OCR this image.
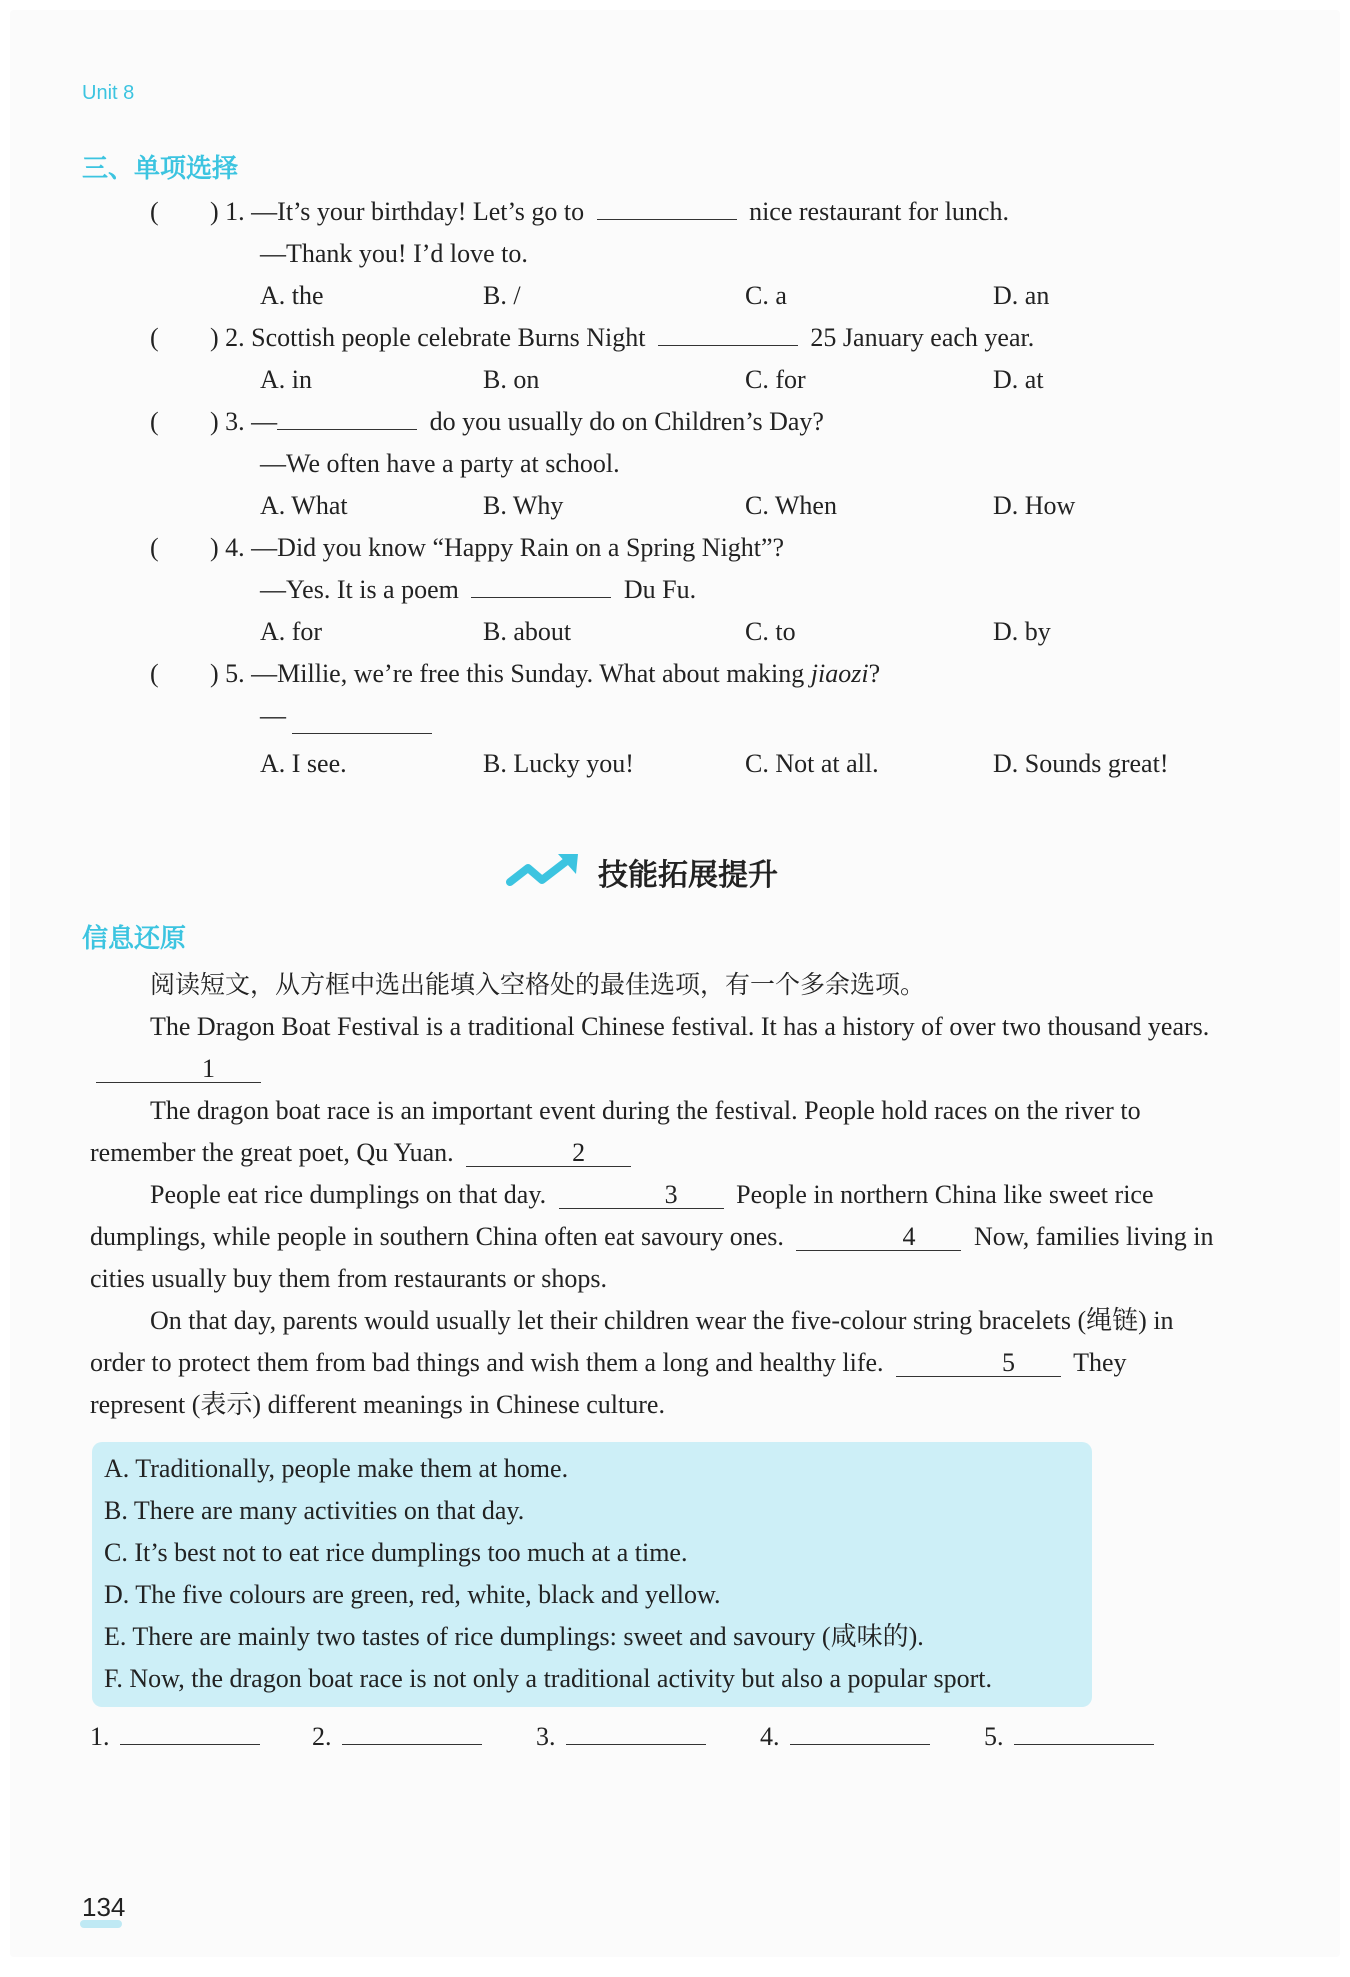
Unit 8
三、单项选择
( ) 1. —It’s your birthday! Let’s go to	nice restaurant for lunch.
—Thank you! I’d love to.
A. the	B. /	C. a	D. an
( ) 2. Scottish people celebrate Burns Night	25 January each year.
A. in	B. on	C. for	D. at
( ) 3. —	do you usually do on Children’s Day?
—We often have a party at school.
A. What	B. Why	C. When	D. How
( ) 4. —Did you know “Happy Rain on a Spring Night”?
—Yes. It is a poem	Du Fu.
A. for	B. about	C. to	D. by
( ) 5. —Millie, we’re free this Sunday. What about making jiaozi?
—
A. I see.	B. Lucky you!	C. Not at all.	D. Sounds great!
技能拓展提升
信息还原

阅读短文，从方框中选出能填入空格处的最佳选项，有一个多余选项。

The Dragon Boat Festival is a traditional Chinese festival. It has a history of over two thousand years. 1

The dragon boat race is an important event during the festival. People hold races on the river to remember the great poet, Qu Yuan.	2

People eat rice dumplings on that day.	3 People in northern China like sweet rice dumplings, while people in southern China often eat savoury ones.	4 Now, families living in cities usually buy them from restaurants or shops.

On that day, parents would usually let their children wear the five-colour string bracelets (绳链) in order to protect them from bad things and wish them a long and healthy life.	5 They represent (表示) different meanings in Chinese culture.

A. Traditionally, people make them at home.
B. There are many activities on that day.
C. It’s best not to eat rice dumplings too much at a time.
D. The five colours are green, red, white, black and yellow.
E. There are mainly two tastes of rice dumplings: sweet and savoury (咸味的).
F. Now, the dragon boat race is not only a traditional activity but also a popular sport.
1.	2.	3.	4.	5.
134
